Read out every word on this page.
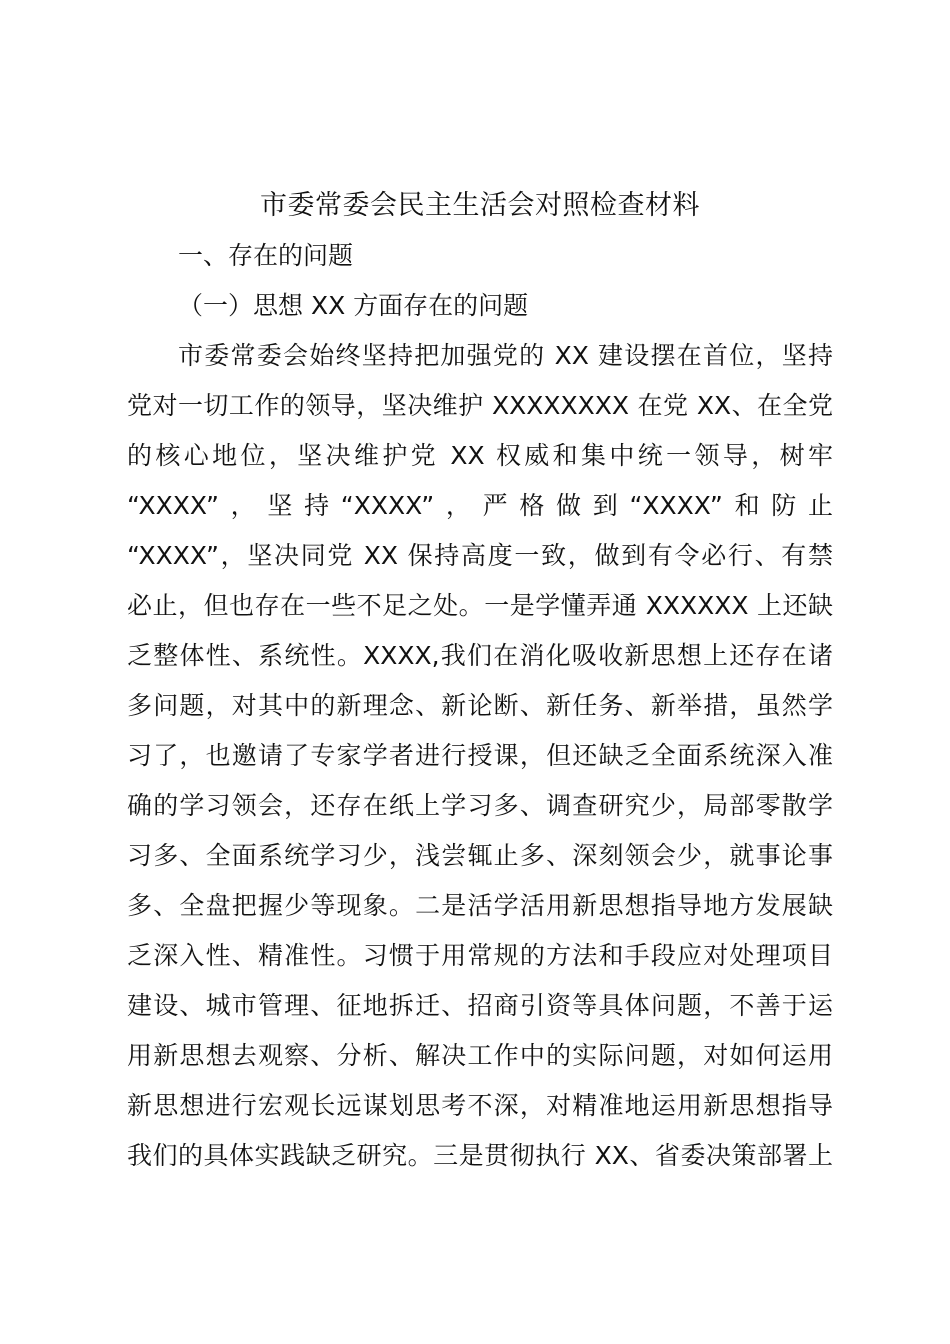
市委常委会民主生活会对照检查材料
一、存在的问题
（一）思想 XX 方面存在的问题
市委常委会始终坚持把加强党的 XX 建设摆在首位，坚持
党对一切工作的领导，坚决维护 XXXXXXXX 在党 XX、在全党
的核心地位，坚决维护党 XX 权威和集中统一领导，树牢
“XXXX”，坚持“XXXX”，严格做到“XXXX”和防止
“XXXX”，坚决同党 XX 保持高度一致，做到有令必行、有禁
必止，但也存在一些不足之处。一是学懂弄通 XXXXXX 上还缺
乏整体性、系统性。XXXX,我们在消化吸收新思想上还存在诸
多问题，对其中的新理念、新论断、新任务、新举措，虽然学
习了，也邀请了专家学者进行授课，但还缺乏全面系统深入准
确的学习领会，还存在纸上学习多、调查研究少，局部零散学
习多、全面系统学习少，浅尝辄止多、深刻领会少，就事论事
多、全盘把握少等现象。二是活学活用新思想指导地方发展缺
乏深入性、精准性。习惯于用常规的方法和手段应对处理项目
建设、城市管理、征地拆迁、招商引资等具体问题，不善于运
用新思想去观察、分析、解决工作中的实际问题，对如何运用
新思想进行宏观长远谋划思考不深，对精准地运用新思想指导
我们的具体实践缺乏研究。三是贯彻执行 XX、省委决策部署上
